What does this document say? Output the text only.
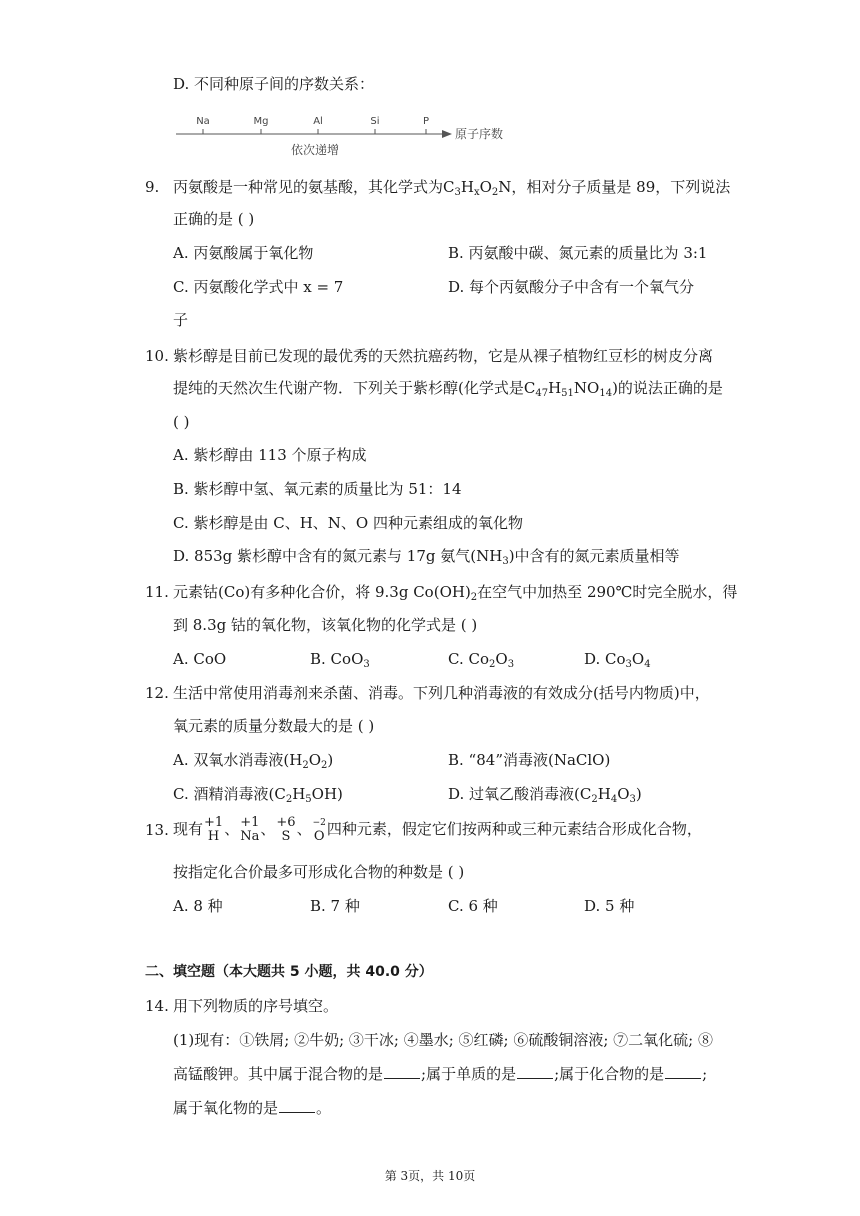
D. 不同种原子间的序数关系：
Na	Mg	Al	Si	P
原子序数
依次递增
9. 丙氨酸是一种常见的氨基酸，其化学式为$C_3H_xO_2N$，相对分子质量是 89，下列说法
正确的是 ( )
A. 丙氨酸属于氧化物	B. 丙氨酸中碳、氮元素的质量比为 3:1
C. 丙氨酸化学式中 x = 7	D. 每个丙氨酸分子中含有一个氧气分
子
10. 紫杉醇是目前已发现的最优秀的天然抗癌药物，它是从裸子植物红豆杉的树皮分离
提纯的天然次生代谢产物．下列关于紫杉醇(化学式是$C_{47}H_{51}NO_{14}$)的说法正确的是
( )
A. 紫杉醇由 113 个原子构成
B. 紫杉醇中氢、氧元素的质量比为 51：14
C. 紫杉醇是由 C、H、N、O 四种元素组成的氧化物
D. 853g 紫杉醇中含有的氮元素与 17g 氨气$(NH_3)$中含有的氮元素质量相等
11. 元素钴(Co)有多种化合价，将 9.3g $Co(OH)_2$在空气中加热至 290℃时完全脱水，得
到 8.3g 钴的氧化物，该氧化物的化学式是 ( )
A. CoO	B. CoO$_3$	C. $Co_2O_3$	D. $Co_3O_4$
12. 生活中常使用消毒剂来杀菌、消毒。下列几种消毒液的有效成分(括号内物质)中，
氧元素的质量分数最大的是 ( )
A. 双氧水消毒液$(H_2O_2)$	B. “84”消毒液(NaClO)
C. 酒精消毒液$(C_2H_5OH)$	D. 过氧乙酸消毒液$(C_2H_4O_3)$
13. 现有 +1
H 、 +1
Na 、 +6
S 、 −2
O 四种元素，假定它们按两种或三种元素结合形成化合物，
按指定化合价最多可形成化合物的种数是 ( )
A. 8 种	B. 7 种	C. 6 种	D. 5 种
二、填空题（本大题共 5 小题，共 40.0 分）
14. 用下列物质的序号填空。
(1)现有：①铁屑; ②牛奶; ③干冰; ④墨水; ⑤红磷; ⑥硫酸铜溶液; ⑦二氧化硫; ⑧
高锰酸钾。其中属于混合物的是	;属于单质的是	;属于化合物的是	;
属于氧化物的是	。
第 3页，共 10页
